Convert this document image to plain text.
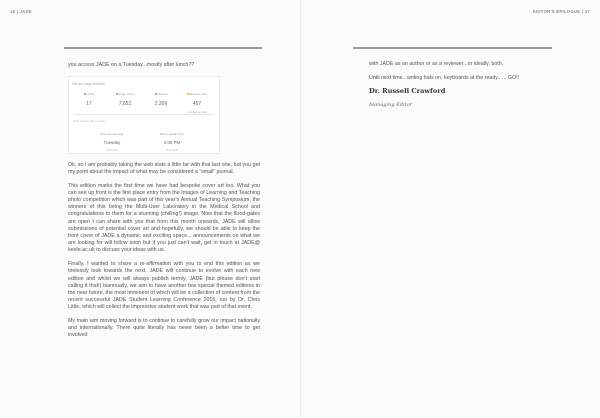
16 | JADE	EDITOR'S EPILOGUE | 17

you access JADE on a Tuesday...mostly after lunch??

Site and page statistics
Visits
17
Page views
7,652
Visitors
2,309
Bounce rate
457
Average per day
Most popular day of week
Most popular day
Tuesday
% of visits
Most popular hour
2:00 PM
% of visits

Ok, so I am probably taking the web stats a little far with that last one, but you get my point about the impact of what may be considered a “small” journal.

This edition marks the first time we have had bespoke cover art too. What you can see up front is the first place entry from the Images of Learning and Teaching photo competition which was part of this year’s Annual Teaching Symposium, the winners of this being the Multi-User Laboratory in the Medical School and congratulations to them for a stunning (chilling!) image. Now that the flood-gates are open I can share with you that from this month onwards, JADE will allow submissions of potential cover art and hopefully, we should be able to keep the front cover of JADE a dynamic and exciting space... announcements on what we are looking for will follow soon but if you just can’t wait, get in touch at JADE@ keele.ac.uk to discuss your ideas with us.

Finally, I wanted to share a re-affirmation with you to end this edition as we tirelessly look towards the next. JADE will continue to evolve with each new edition and whilst we will always publish termly, JADE (but please don’t start calling it that!) biannually, we aim to have another few special themed editions in the near future, the most imminent of which will be a collection of content from the recent successful JADE Student Learning Conference 2016, run by Dr. Chris Little, which will collect the impressive student work that was part of that event.

My main aim moving forward is to continue to carefully grow our impact nationally and internationally. There quite literally has never been a better time to get involved

with JADE as an author or as a reviewer...or ideally, both.

Until next time...writing hats on, keyboards at the ready...... GO!!

Dr. Russell Crawford

Managing Editor
